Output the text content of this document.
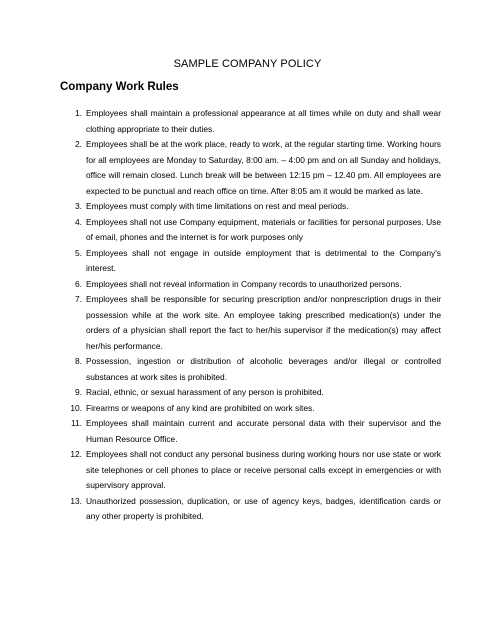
SAMPLE COMPANY POLICY
Company Work Rules
1. Employees shall maintain a professional appearance at all times while on duty and shall wear clothing appropriate to their duties.
2. Employees shall be at the work place, ready to work, at the regular starting time. Working hours for all employees are Monday to Saturday, 8:00 am. – 4:00 pm and on all Sunday and holidays, office will remain closed. Lunch break will be between 12:15 pm – 12.40 pm. All employees are expected to be punctual and reach office on time. After 8:05 am it would be marked as late.
3. Employees must comply with time limitations on rest and meal periods.
4. Employees shall not use Company equipment, materials or facilities for personal purposes. Use of email, phones and the internet is for work purposes only
5. Employees shall not engage in outside employment that is detrimental to the Company's interest.
6. Employees shall not reveal information in Company records to unauthorized persons.
7. Employees shall be responsible for securing prescription and/or nonprescription drugs in their possession while at the work site. An employee taking prescribed medication(s) under the orders of a physician shall report the fact to her/his supervisor if the medication(s) may affect her/his performance.
8. Possession, ingestion or distribution of alcoholic beverages and/or illegal or controlled substances at work sites is prohibited.
9. Racial, ethnic, or sexual harassment of any person is prohibited.
10. Firearms or weapons of any kind are prohibited on work sites.
11. Employees shall maintain current and accurate personal data with their supervisor and the Human Resource Office.
12. Employees shall not conduct any personal business during working hours nor use state or work site telephones or cell phones to place or receive personal calls except in emergencies or with supervisory approval.
13. Unauthorized possession, duplication, or use of agency keys, badges, identification cards or any other property is prohibited.
